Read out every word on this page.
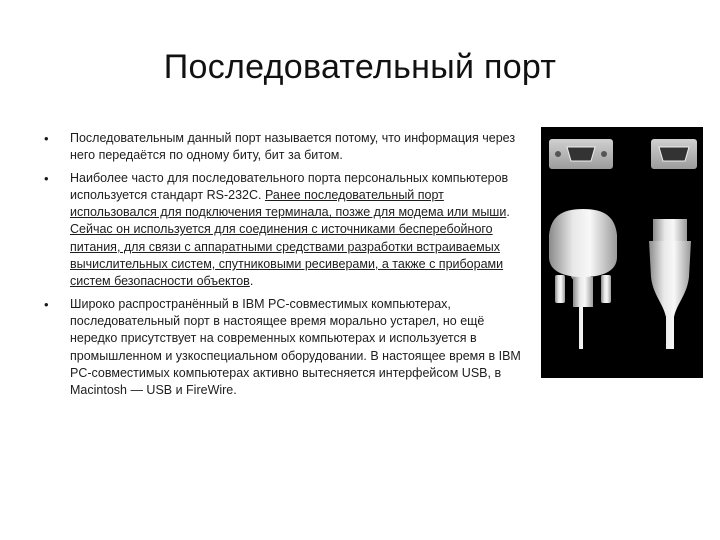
Последовательный порт
• Последовательным данный порт называется потому, что информация через него передаётся по одному биту, бит за битом.
• Наиболее часто для последовательного порта персональных компьютеров используется стандарт RS-232C. Ранее последовательный порт использовался для подключения терминала, позже для модема или мыши. Сейчас он используется для соединения с источниками бесперебойного питания, для связи с аппаратными средствами разработки встраиваемых вычислительных систем, спутниковыми ресиверами, а также с приборами систем безопасности объектов.
• Широко распространённый в IBM PC-совместимых компьютерах, последовательный порт в настоящее время морально устарел, но ещё нередко присутствует на современных компьютерах и используется в промышленном и узкоспециальном оборудовании. В настоящее время в IBM PC-совместимых компьютерах активно вытесняется интерфейсом USB, в Macintosh — USB и FireWire.
